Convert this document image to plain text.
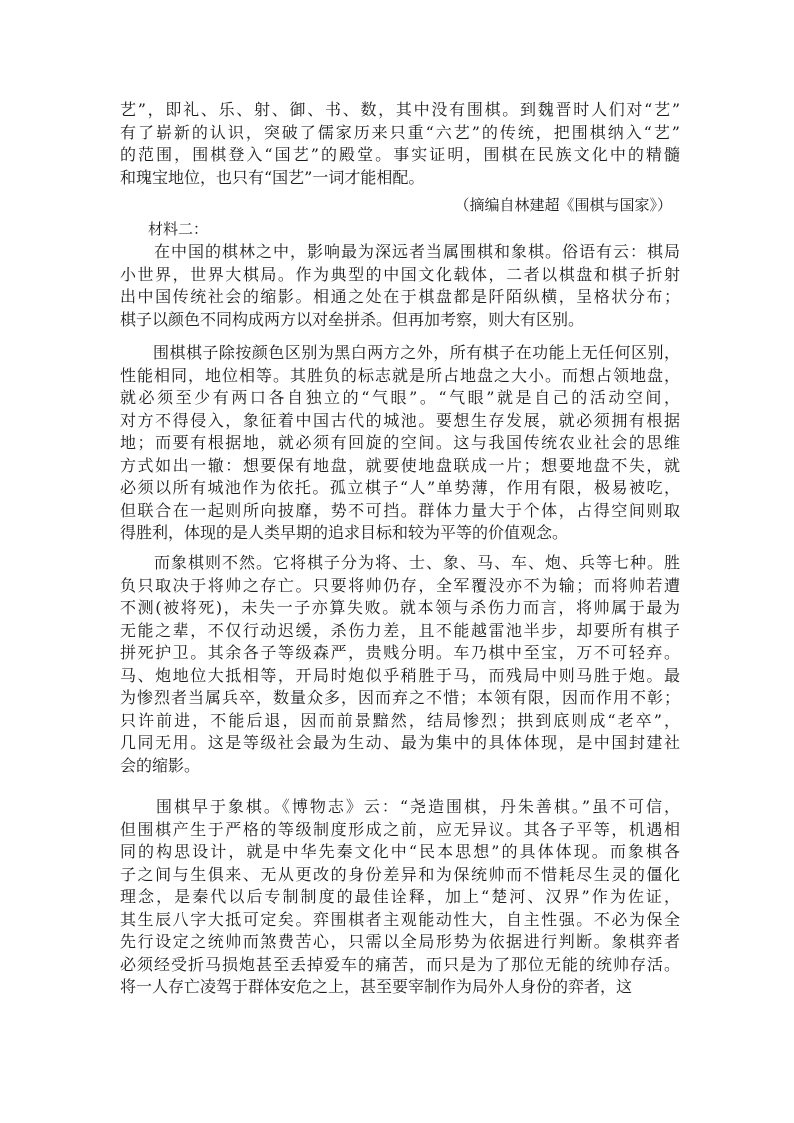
艺”，即礼、乐、射、御、书、数，其中没有围棋。到魏晋时人们对“艺”
有了崭新的认识，突破了儒家历来只重“六艺”的传统，把围棋纳入“艺”
的范围，围棋登入“国艺”的殿堂。事实证明，围棋在民族文化中的精髓
和瑰宝地位，也只有“国艺”一词才能相配。
（摘编自林建超《围棋与国家》）
材料二：
　　在中国的棋林之中，影响最为深远者当属围棋和象棋。俗语有云：棋局
小世界，世界大棋局。作为典型的中国文化载体，二者以棋盘和棋子折射
出中国传统社会的缩影。相通之处在于棋盘都是阡陌纵横，呈格状分布；
棋子以颜色不同构成两方以对垒拼杀。但再加考察，则大有区别。
　　围棋棋子除按颜色区别为黑白两方之外，所有棋子在功能上无任何区别，
性能相同，地位相等。其胜负的标志就是所占地盘之大小。而想占领地盘，
就必须至少有两口各自独立的“气眼”。“气眼”就是自己的活动空间，
对方不得侵入，象征着中国古代的城池。要想生存发展，就必须拥有根据
地；而要有根据地，就必须有回旋的空间。这与我国传统农业社会的思维
方式如出一辙：想要保有地盘，就要使地盘联成一片；想要地盘不失，就
必须以所有城池作为依托。孤立棋子“人”单势薄，作用有限，极易被吃，
但联合在一起则所向披靡，势不可挡。群体力量大于个体，占得空间则取
得胜利，体现的是人类早期的追求目标和较为平等的价值观念。
　　而象棋则不然。它将棋子分为将、士、象、马、车、炮、兵等七种。胜
负只取决于将帅之存亡。只要将帅仍存，全军覆没亦不为输；而将帅若遭
不测(被将死)，未失一子亦算失败。就本领与杀伤力而言，将帅属于最为
无能之辈，不仅行动迟缓，杀伤力差，且不能越雷池半步，却要所有棋子
拼死护卫。其余各子等级森严，贵贱分明。车乃棋中至宝，万不可轻弃。
马、炮地位大抵相等，开局时炮似乎稍胜于马，而残局中则马胜于炮。最
为惨烈者当属兵卒，数量众多，因而弃之不惜；本领有限，因而作用不彰；
只许前进，不能后退，因而前景黯然，结局惨烈；拱到底则成“老卒”，
几同无用。这是等级社会最为生动、最为集中的具体体现，是中国封建社
会的缩影。
　　围棋早于象棋。《博物志》云：“尧造围棋，丹朱善棋。”虽不可信，
但围棋产生于严格的等级制度形成之前，应无异议。其各子平等，机遇相
同的构思设计，就是中华先秦文化中“民本思想”的具体体现。而象棋各
子之间与生俱来、无从更改的身份差异和为保统帅而不惜耗尽生灵的僵化
理念，是秦代以后专制制度的最佳诠释，加上“楚河、汉界”作为佐证，
其生辰八字大抵可定矣。弈围棋者主观能动性大，自主性强。不必为保全
先行设定之统帅而煞费苦心，只需以全局形势为依据进行判断。象棋弈者
必须经受折马损炮甚至丢掉爱车的痛苦，而只是为了那位无能的统帅存活。
将一人存亡凌驾于群体安危之上，甚至要宰制作为局外人身份的弈者，这
